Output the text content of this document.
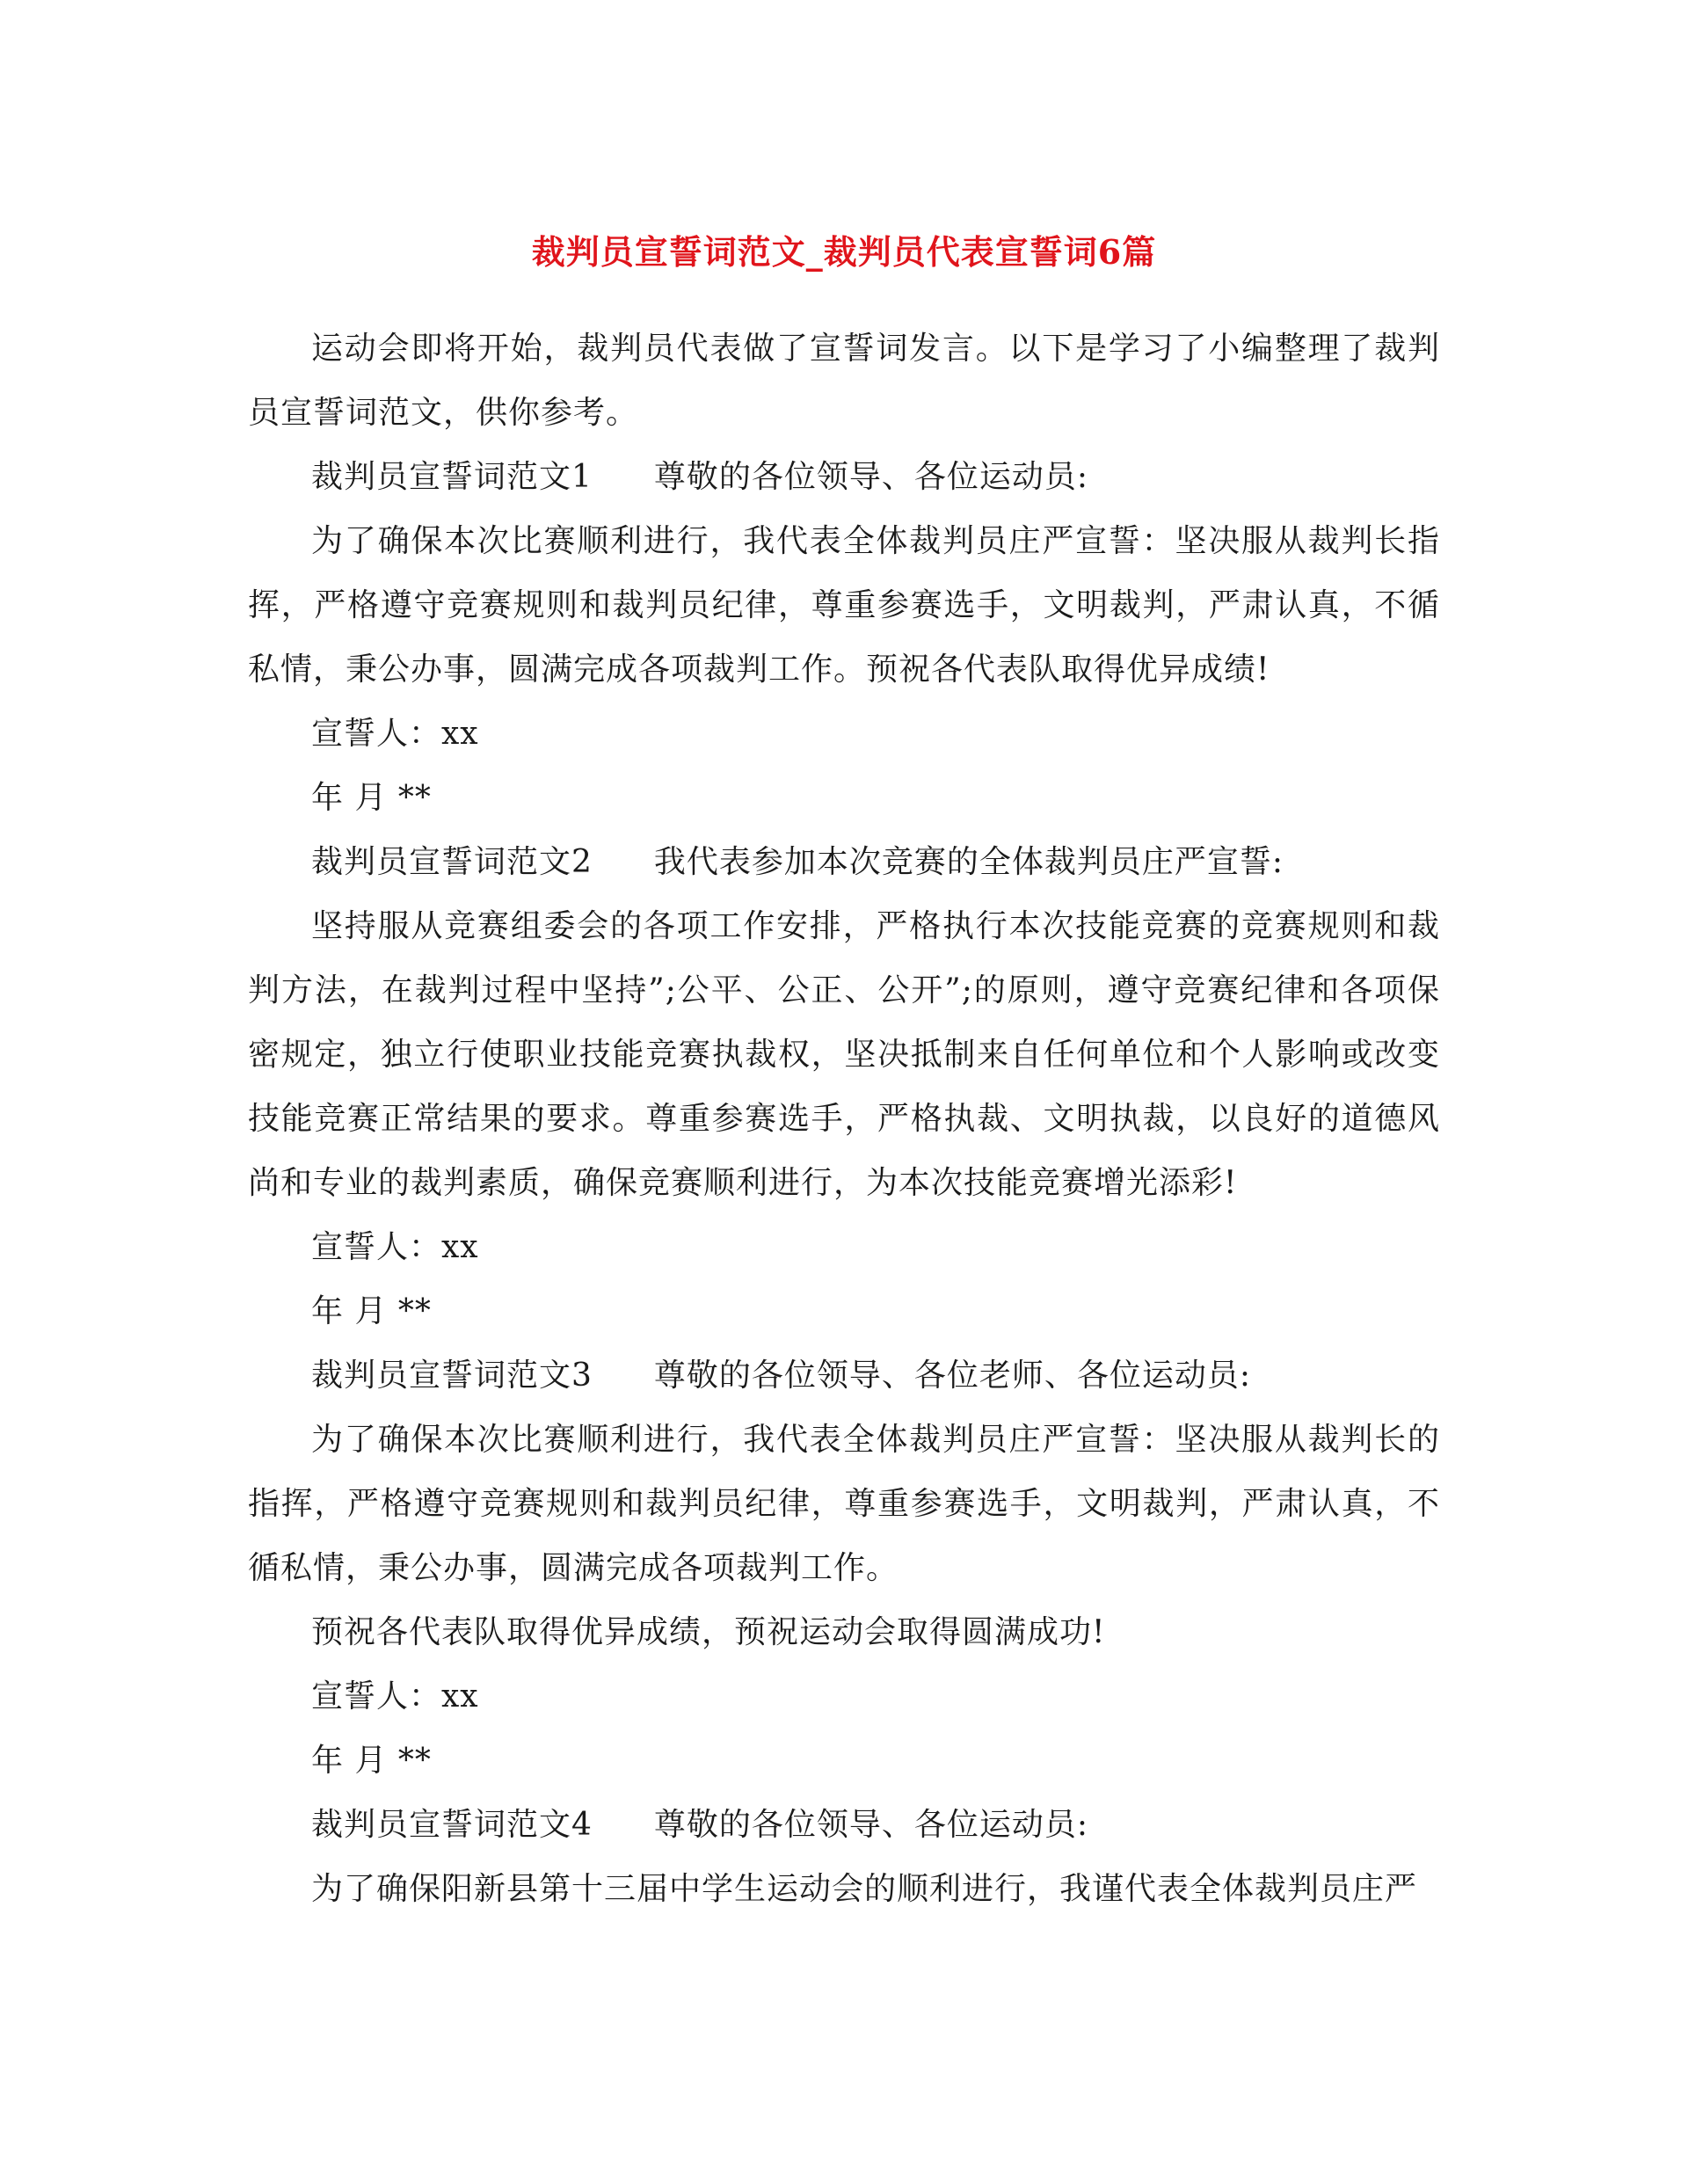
裁判员宣誓词范文_裁判员代表宣誓词6篇

运动会即将开始，裁判员代表做了宣誓词发言。以下是学习了小编整理了裁判员宣誓词范文，供你参考。

裁判员宣誓词范文1 尊敬的各位领导、各位运动员:

为了确保本次比赛顺利进行，我代表全体裁判员庄严宣誓：坚决服从裁判长指挥，严格遵守竞赛规则和裁判员纪律，尊重参赛选手，文明裁判，严肃认真，不循私情，秉公办事，圆满完成各项裁判工作。预祝各代表队取得优异成绩!

宣誓人：xx

年 月 **

裁判员宣誓词范文2 我代表参加本次竞赛的全体裁判员庄严宣誓:

坚持服从竞赛组委会的各项工作安排，严格执行本次技能竞赛的竞赛规则和裁判方法，在裁判过程中坚持”;公平、公正、公开”;的原则，遵守竞赛纪律和各项保密规定，独立行使职业技能竞赛执裁权，坚决抵制来自任何单位和个人影响或改变技能竞赛正常结果的要求。尊重参赛选手，严格执裁、文明执裁，以良好的道德风尚和专业的裁判素质，确保竞赛顺利进行，为本次技能竞赛增光添彩!

宣誓人：xx

年 月 **

裁判员宣誓词范文3 尊敬的各位领导、各位老师、各位运动员:

为了确保本次比赛顺利进行，我代表全体裁判员庄严宣誓：坚决服从裁判长的指挥，严格遵守竞赛规则和裁判员纪律，尊重参赛选手，文明裁判，严肃认真，不循私情，秉公办事，圆满完成各项裁判工作。

预祝各代表队取得优异成绩，预祝运动会取得圆满成功!

宣誓人：xx

年 月 **

裁判员宣誓词范文4 尊敬的各位领导、各位运动员:

为了确保阳新县第十三届中学生运动会的顺利进行，我谨代表全体裁判员庄严
